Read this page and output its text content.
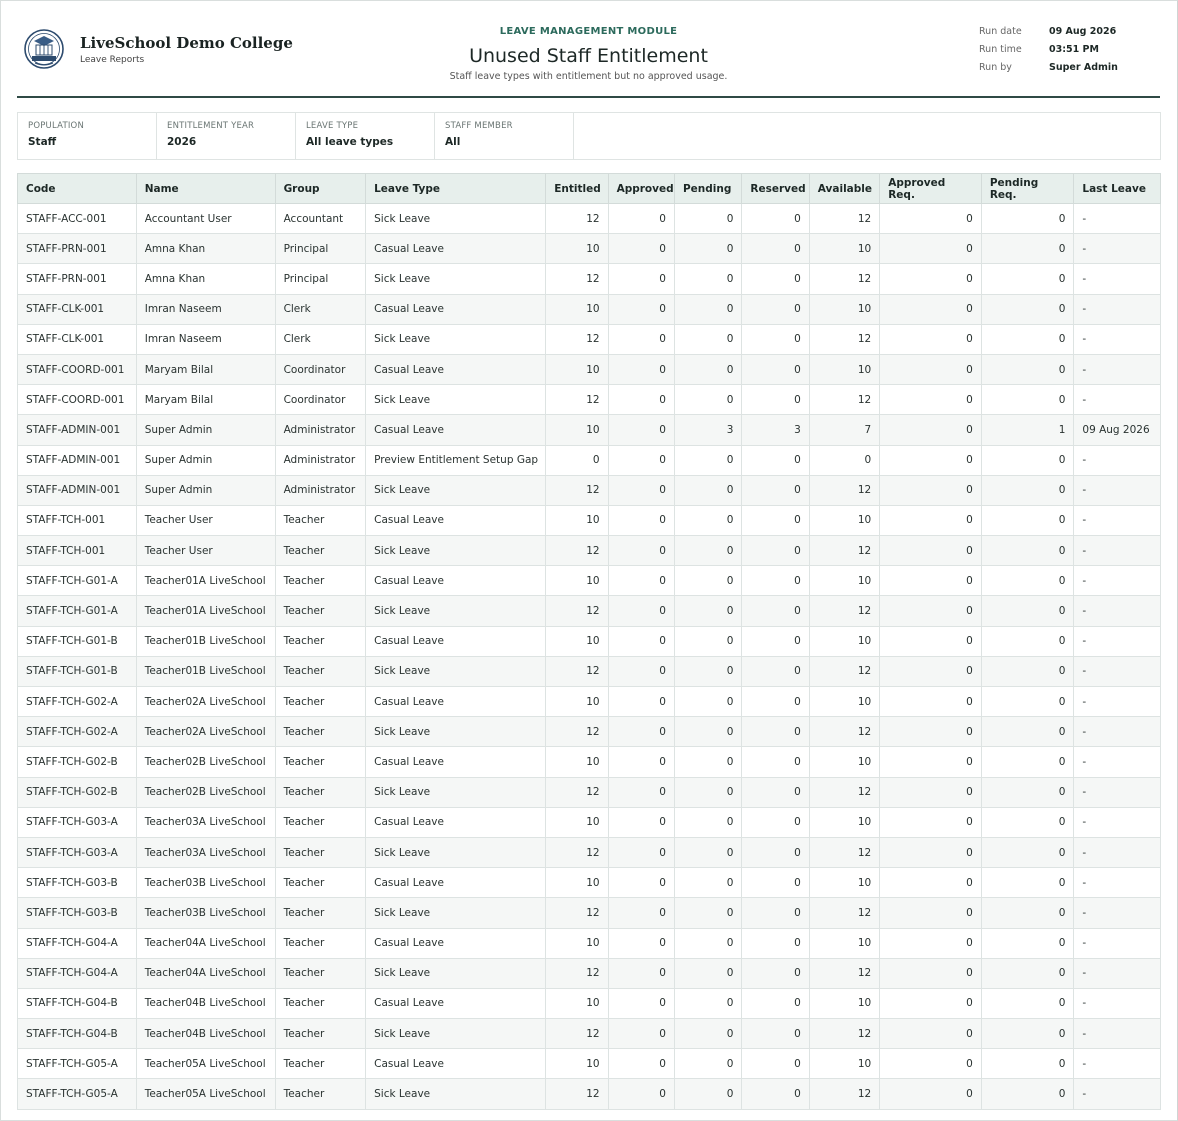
LiveSchool Demo College
Leave Reports
LEAVE MANAGEMENT MODULE
Unused Staff Entitlement
Staff leave types with entitlement but no approved usage.
Run date	09 Aug 2026
Run time	03:51 PM
Run by	Super Admin
POPULATION
Staff
ENTITLEMENT YEAR
2026
LEAVE TYPE
All leave types
STAFF MEMBER
All
Code	Name	Group	Leave Type	Entitled	Approved	Pending	Reserved	Available	Approved Req.	Pending Req.	Last Leave
STAFF-ACC-001	Accountant User	Accountant	Sick Leave	12	0	0	0	12	0	0	-
STAFF-PRN-001	Amna Khan	Principal	Casual Leave	10	0	0	0	10	0	0	-
STAFF-PRN-001	Amna Khan	Principal	Sick Leave	12	0	0	0	12	0	0	-
STAFF-CLK-001	Imran Naseem	Clerk	Casual Leave	10	0	0	0	10	0	0	-
STAFF-CLK-001	Imran Naseem	Clerk	Sick Leave	12	0	0	0	12	0	0	-
STAFF-COORD-001	Maryam Bilal	Coordinator	Casual Leave	10	0	0	0	10	0	0	-
STAFF-COORD-001	Maryam Bilal	Coordinator	Sick Leave	12	0	0	0	12	0	0	-
STAFF-ADMIN-001	Super Admin	Administrator	Casual Leave	10	0	3	3	7	0	1	09 Aug 2026
STAFF-ADMIN-001	Super Admin	Administrator	Preview Entitlement Setup Gap	0	0	0	0	0	0	0	-
STAFF-ADMIN-001	Super Admin	Administrator	Sick Leave	12	0	0	0	12	0	0	-
STAFF-TCH-001	Teacher User	Teacher	Casual Leave	10	0	0	0	10	0	0	-
STAFF-TCH-001	Teacher User	Teacher	Sick Leave	12	0	0	0	12	0	0	-
STAFF-TCH-G01-A	Teacher01A LiveSchool	Teacher	Casual Leave	10	0	0	0	10	0	0	-
STAFF-TCH-G01-A	Teacher01A LiveSchool	Teacher	Sick Leave	12	0	0	0	12	0	0	-
STAFF-TCH-G01-B	Teacher01B LiveSchool	Teacher	Casual Leave	10	0	0	0	10	0	0	-
STAFF-TCH-G01-B	Teacher01B LiveSchool	Teacher	Sick Leave	12	0	0	0	12	0	0	-
STAFF-TCH-G02-A	Teacher02A LiveSchool	Teacher	Casual Leave	10	0	0	0	10	0	0	-
STAFF-TCH-G02-A	Teacher02A LiveSchool	Teacher	Sick Leave	12	0	0	0	12	0	0	-
STAFF-TCH-G02-B	Teacher02B LiveSchool	Teacher	Casual Leave	10	0	0	0	10	0	0	-
STAFF-TCH-G02-B	Teacher02B LiveSchool	Teacher	Sick Leave	12	0	0	0	12	0	0	-
STAFF-TCH-G03-A	Teacher03A LiveSchool	Teacher	Casual Leave	10	0	0	0	10	0	0	-
STAFF-TCH-G03-A	Teacher03A LiveSchool	Teacher	Sick Leave	12	0	0	0	12	0	0	-
STAFF-TCH-G03-B	Teacher03B LiveSchool	Teacher	Casual Leave	10	0	0	0	10	0	0	-
STAFF-TCH-G03-B	Teacher03B LiveSchool	Teacher	Sick Leave	12	0	0	0	12	0	0	-
STAFF-TCH-G04-A	Teacher04A LiveSchool	Teacher	Casual Leave	10	0	0	0	10	0	0	-
STAFF-TCH-G04-A	Teacher04A LiveSchool	Teacher	Sick Leave	12	0	0	0	12	0	0	-
STAFF-TCH-G04-B	Teacher04B LiveSchool	Teacher	Casual Leave	10	0	0	0	10	0	0	-
STAFF-TCH-G04-B	Teacher04B LiveSchool	Teacher	Sick Leave	12	0	0	0	12	0	0	-
STAFF-TCH-G05-A	Teacher05A LiveSchool	Teacher	Casual Leave	10	0	0	0	10	0	0	-
STAFF-TCH-G05-A	Teacher05A LiveSchool	Teacher	Sick Leave	12	0	0	0	12	0	0	-
